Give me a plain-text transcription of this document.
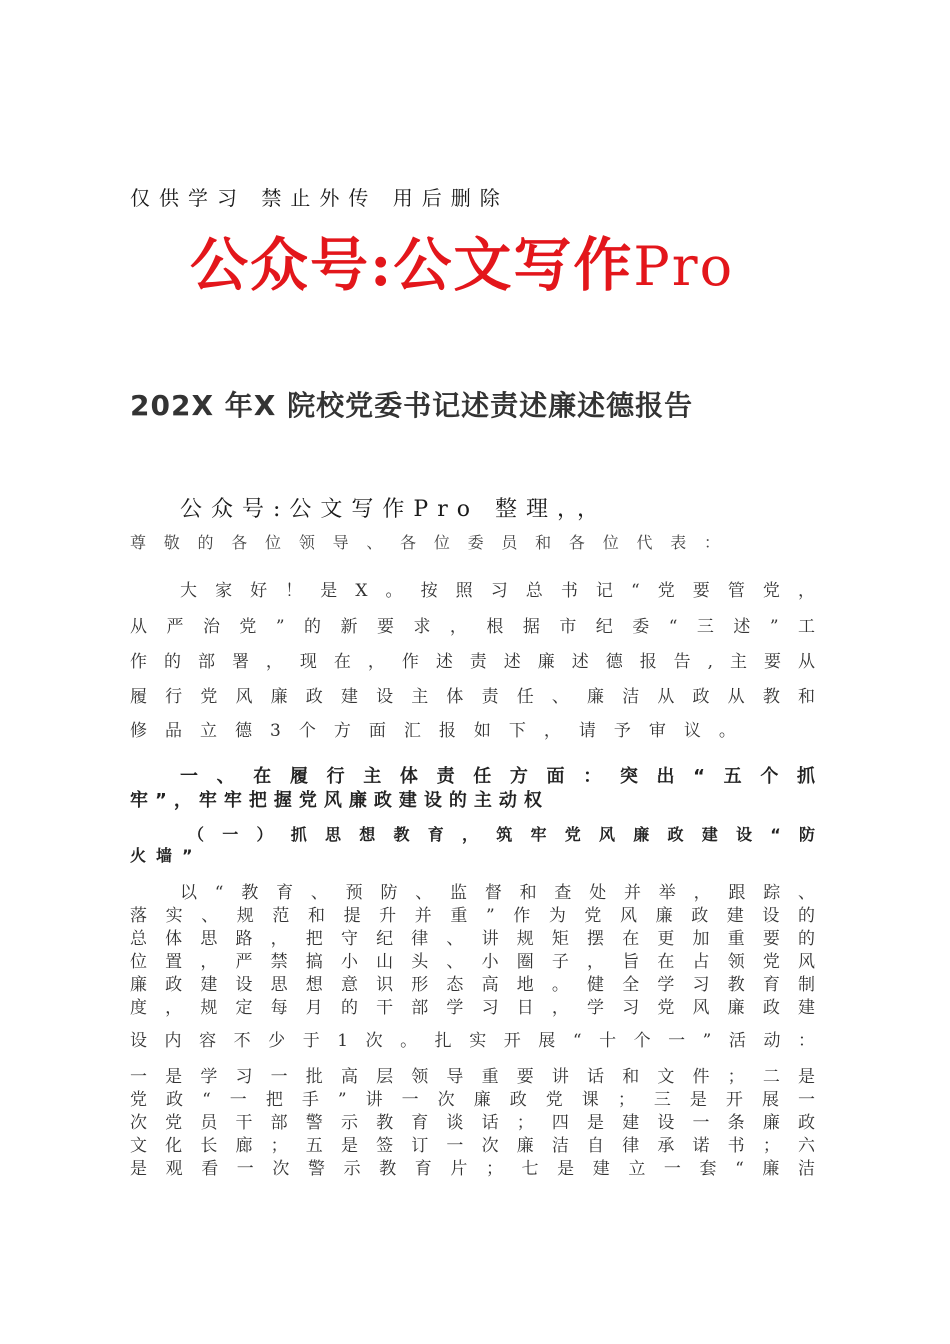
仅供学习 禁止外传 用后删除
公众号:公文写作Pro
202X 年X 院校党委书记述责述廉述德报告
公众号:公文写作Pro 整理，，
尊敬的各位领导、各位委员和各位代表：
大家好！是X。按照习总书记“党要管党，
从严治党”的新要求，根据市纪委“三述”工
作的部署，现在，作述责述廉述德报告,主要从
履行党风廉政建设主体责任、廉洁从政从教和
修品立德3个方面汇报如下，请予审议。
一、在履行主体责任方面：突出“五个抓
牢”，牢牢把握党风廉政建设的主动权
（一）抓思想教育，筑牢党风廉政建设“防
火墙”
以“教育、预防、监督和查处并举，跟踪、
落实、规范和提升并重”作为党风廉政建设的
总体思路，把守纪律、讲规矩摆在更加重要的
位置，严禁搞小山头、小圈子，旨在占领党风
廉政建设思想意识形态高地。健全学习教育制
度，规定每月的干部学习日，学习党风廉政建
设内容不少于1次。扎实开展“十个一”活动：
一是学习一批高层领导重要讲话和文件；二是
党政“一把手”讲一次廉政党课；三是开展一
次党员干部警示教育谈话；四是建设一条廉政
文化长廊；五是签订一次廉洁自律承诺书；六
是观看一次警示教育片；七是建立一套“廉洁
